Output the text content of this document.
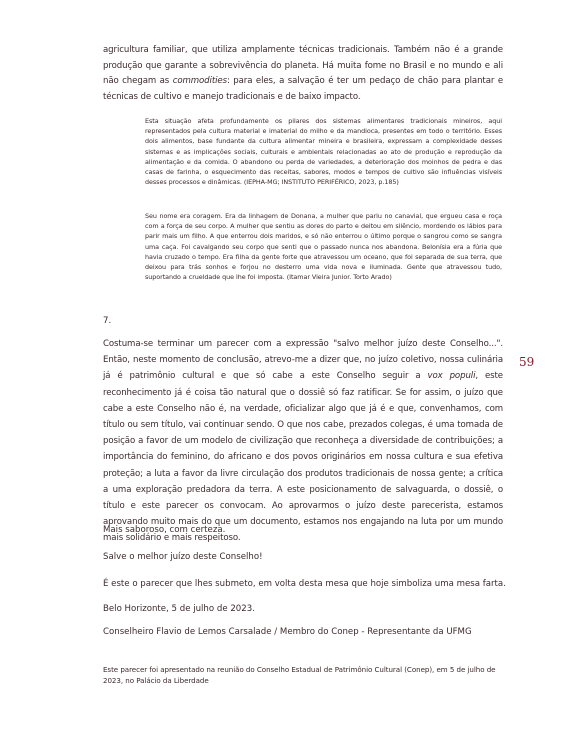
agricultura familiar, que utiliza amplamente técnicas tradicionais. Também não é a grande produção que garante a sobrevivência do planeta. Há muita fome no Brasil e no mundo e ali não chegam as commodities: para eles, a salvação é ter um pedaço de chão para plantar e técnicas de cultivo e manejo tradicionais e de baixo impacto.

Esta situação afeta profundamente os pilares dos sistemas alimentares tradicionais mineiros, aqui representados pela cultura material e imaterial do milho e da mandioca, presentes em todo o território. Esses dois alimentos, base fundante da cultura alimentar mineira e brasileira, expressam a complexidade desses sistemas e as implicações sociais, culturais e ambientais relacionadas ao ato de produção e reprodução da alimentação e da comida. O abandono ou perda de variedades, a deterioração dos moinhos de pedra e das casas de farinha, o esquecimento das receitas, sabores, modos e tempos de cultivo são influências visíveis desses processos e dinâmicas. (IEPHA-MG; INSTITUTO PERIFÉRICO, 2023, p.185)

Seu nome era coragem. Era da linhagem de Donana, a mulher que pariu no canavial, que ergueu casa e roça com a força de seu corpo. A mulher que sentiu as dores do parto e deitou em silêncio, mordendo os lábios para parir mais um filho. A que enterrou dois maridos, e só não enterrou o último porque o sangrou como se sangra uma caça. Foi cavalgando seu corpo que senti que o passado nunca nos abandona. Belonísia era a fúria que havia cruzado o tempo. Era filha da gente forte que atravessou um oceano, que foi separada de sua terra, que deixou para trás sonhos e forjou no desterro uma vida nova e iluminada. Gente que atravessou tudo, suportando a crueldade que lhe foi imposta. (Itamar Vieira Junior. Torto Arado)

7.

Costuma-se terminar um parecer com a expressão "salvo melhor juízo deste Conselho...". Então, neste momento de conclusão, atrevo-me a dizer que, no juízo coletivo, nossa culinária já é patrimônio cultural e que só cabe a este Conselho seguir a vox populi, este reconhecimento já é coisa tão natural que o dossiê só faz ratificar. Se for assim, o juízo que cabe a este Conselho não é, na verdade, oficializar algo que já é e que, convenhamos, com título ou sem título, vai continuar sendo. O que nos cabe, prezados colegas, é uma tomada de posição a favor de um modelo de civilização que reconheça a diversidade de contribuições; a importância do feminino, do africano e dos povos originários em nossa cultura e sua efetiva proteção; a luta a favor da livre circulação dos produtos tradicionais de nossa gente; a crítica a uma exploração predadora da terra. A este posicionamento de salvaguarda, o dossiê, o título e este parecer os convocam. Ao aprovarmos o juízo deste parecerista, estamos aprovando muito mais do que um documento, estamos nos engajando na luta por um mundo mais solidário e mais respeitoso.

Mais saboroso, com certeza.
Salve o melhor juízo deste Conselho!
É este o parecer que lhes submeto, em volta desta mesa que hoje simboliza uma mesa farta.
Belo Horizonte, 5 de julho de 2023.
Conselheiro Flavio de Lemos Carsalade / Membro do Conep - Representante da UFMG
Este parecer foi apresentado na reunião do Conselho Estadual de Patrimônio Cultural (Conep), em 5 de julho de 2023, no Palácio da Liberdade
59
